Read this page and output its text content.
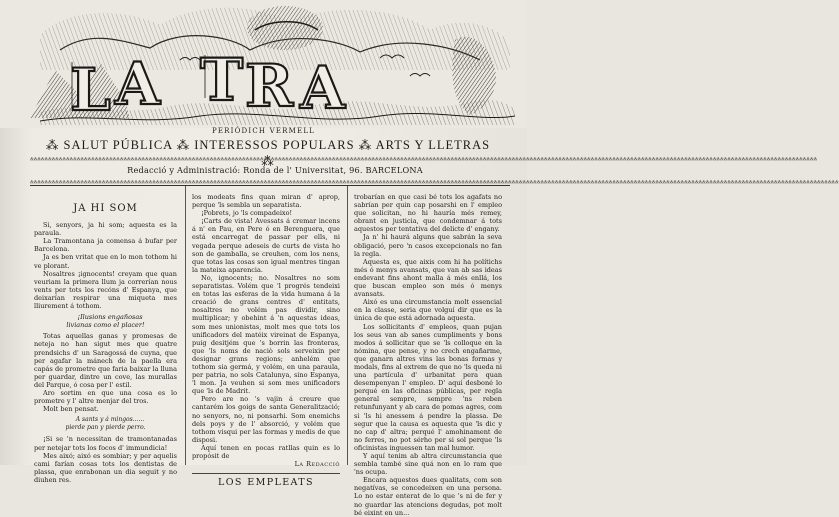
L A T R A
PERIÓDICH VERMELL
⁂ SALUT PÚBLICA ⁂ INTERESSOS POPULARS ⁂ ARTS Y LLETRAS ⁂
⁂⁂⁂⁂⁂⁂⁂⁂⁂⁂⁂⁂⁂⁂⁂⁂⁂⁂⁂⁂⁂⁂⁂⁂⁂⁂⁂⁂⁂⁂⁂⁂⁂⁂⁂⁂⁂⁂⁂⁂⁂⁂⁂⁂⁂⁂⁂⁂⁂⁂⁂⁂⁂⁂⁂⁂⁂⁂⁂⁂⁂⁂⁂⁂⁂⁂⁂⁂⁂⁂⁂⁂⁂⁂⁂⁂⁂⁂⁂⁂⁂⁂⁂⁂⁂⁂⁂⁂⁂⁂⁂⁂⁂⁂⁂⁂⁂⁂⁂⁂⁂⁂⁂⁂⁂⁂⁂⁂⁂⁂⁂⁂⁂⁂⁂⁂⁂⁂⁂⁂⁂⁂⁂⁂⁂⁂⁂⁂⁂⁂⁂⁂⁂⁂⁂⁂⁂⁂⁂⁂⁂⁂⁂⁂⁂⁂⁂⁂⁂⁂⁂⁂⁂⁂⁂⁂⁂⁂⁂⁂⁂⁂⁂⁂⁂⁂⁂⁂⁂⁂⁂⁂⁂⁂⁂⁂⁂⁂⁂⁂⁂⁂⁂⁂⁂⁂⁂⁂⁂⁂⁂⁂⁂⁂⁂⁂⁂⁂⁂⁂⁂⁂⁂⁂⁂⁂⁂⁂⁂⁂⁂⁂⁂⁂⁂⁂⁂⁂⁂
Redacció y Administració: Ronda de l' Universitat, 96. BARCELONA
⁂⁂⁂⁂⁂⁂⁂⁂⁂⁂⁂⁂⁂⁂⁂⁂⁂⁂⁂⁂⁂⁂⁂⁂⁂⁂⁂⁂⁂⁂⁂⁂⁂⁂⁂⁂⁂⁂⁂⁂⁂⁂⁂⁂⁂⁂⁂⁂⁂⁂⁂⁂⁂⁂⁂⁂⁂⁂⁂⁂⁂⁂⁂⁂⁂⁂⁂⁂⁂⁂⁂⁂⁂⁂⁂⁂⁂⁂⁂⁂⁂⁂⁂⁂⁂⁂⁂⁂⁂⁂⁂⁂⁂⁂⁂⁂⁂⁂⁂⁂⁂⁂⁂⁂⁂⁂⁂⁂⁂⁂⁂⁂⁂⁂⁂⁂⁂⁂⁂⁂⁂⁂⁂⁂⁂⁂⁂⁂⁂⁂⁂⁂⁂⁂⁂⁂⁂⁂⁂⁂⁂⁂⁂⁂⁂⁂⁂⁂⁂⁂⁂⁂⁂⁂⁂⁂⁂⁂⁂⁂⁂⁂⁂⁂⁂⁂⁂⁂⁂⁂⁂⁂⁂⁂⁂⁂⁂⁂⁂⁂⁂⁂⁂⁂⁂⁂⁂⁂⁂⁂⁂⁂⁂⁂⁂⁂⁂⁂⁂⁂⁂⁂⁂⁂⁂⁂⁂⁂⁂⁂⁂⁂⁂⁂⁂⁂⁂⁂⁂⁂⁂⁂⁂⁂⁂
JA HI SOM

Si, senyors, ja hi som; aquesta es la paraula.

La Tramontana ja comensa á bufar per Barcelona.

Ja es ben vritat que en lo mon tothom hi ve plorant.

Nosaltres ¡ignocents! creyam que quan veuriam la primera llum ja correrían nous vents per tots los recóns d' Espanya, que deixarían respirar una miqueta mes lliurement á tothom.

¡Ilusions engañosas
livianas como el placer!

Totas aquellas ganas y promesas de neteja no han sigut mes que quatre prendsichs d' un Saragossá de cuyna, que per agafar la mánech de la paella era capás de prometre que faria baixar la lluna per guardar, dintre un cove, las murallas del Parque, ó cosa per l' estil.

Aro sortim en que una cosa es lo prometre y l' altre menjar del tros.

Molt ben pensat.

A sants y á mingos......
pierde pan y pierde perro.

¡Si se 'n necessitan de tramontanadas per netejar tots los focos d' immundicia!

Mes aixó; aixó es sombiar; y per aquelis cami farían cosas tots los dentistas de plassa, que enrabonan un dia seguit y no diuhen res.

los modeats fins quan miran d' aprop, perque 'ls sembla un separatista.

¡Pobrets, jo 'ls compadeixo!

¡Carts de vista! Avessats á cremar incens á n' en Pau, en Pere ó en Berenguera, que está encarregat de passar per ells, ni vegada perque adeseis de curts de vista ho son de gamballa, se creuhen, com los nens, que totas las cosas son igual mentres tingan la mateixa aparencia.

No, ignocents; no. Nosaltres no som separatistas. Volém que 'l progrés tendeixi en totas las esferas de la vida humana á la creació de grans centres d' entitats, nosaltres no volém pas dividir, sino multiplicar; y obehint á 'n aquestas ideas, som mes unionistas, molt mes que tots los unificadors del matéix vireinat de Espanya, puig desitjém que 's borrin las fronteras, que 'ls noms de naciò sols serveixin per designar grans regions; anhelém que tothom sia germá, y volém, en una paraula, per patria, no sols Catalunya, sino Espanya, 'l mon. Ja veuhen si som mes unificadors que 'ls de Madrit.

Pero are no 's vajin á creure que cantarém los goigs de santa Generalització; no senyors, no, ni ponsarhi. Som enemichs dels poys y de l' absorció, y volém que tothom visqui per las formas y medis de que disposi.

Aquí tenen en pocas ratllas quin es lo propósit de

La Redacció

LOS EMPLEATS

trobarían en que casi bé tots los agafats no sabrían per quin cap posarshi en l' empleo que solicitan, no hi hauría més remey, obrant en justicia, que condemnar á tots aquestos per tentativa del delicte d' engany.

Ja n' hi haurá alguns que sabrán la seva obligació, pero 'n casos excepcionals no fan la regla.

Aquesta es, que aixis com hi ha polítichs més ó menys avansats, que van ab sas ideas endevant fins ahont malla á més enllá, los que buscan empleo son més ó menys avansats.

Aixó es una circumstancia molt essencial en la classe, seria que volguí dir que es la única de que está adornada aquesta.

Los sollicitants d' empleos, quan pujan los seus van ab sanes cumpliments y bons modos á sollicitar que se 'ls colloque en la nómina, que pense, y no crech engañarme, que ganarn altres vins las bonas formas y modals, fins al extrem de que no 'ls queda ni una partícula d' urbanitat pera quan desempenyan l' empleo. D' aquí desboné lo perqué en las oficinas públicas, per regla general sempre, sempre 'ns reben retunfunyant y ab cara de pomas agres, com si 'ls hi anessem á pendre la plassa. De segur que la causa es aquesta que 'ls dic y no cap d' altra; perqué l' amohinament de no ferres, no pot sérho per si sol perque 'ls oficinistas inguessen tan mal humor.

Y aquí tenim ab altra circumstancia que sembla també sine quá non en lo ram que 'ns ocupa.

Encara aquestos dues qualitats, com son negatívas, se concedeixen en una persona. Lo no estar enterat de lo que 's ni de fer y no guardar las atencions degudas, pot molt bé eixint en un...
